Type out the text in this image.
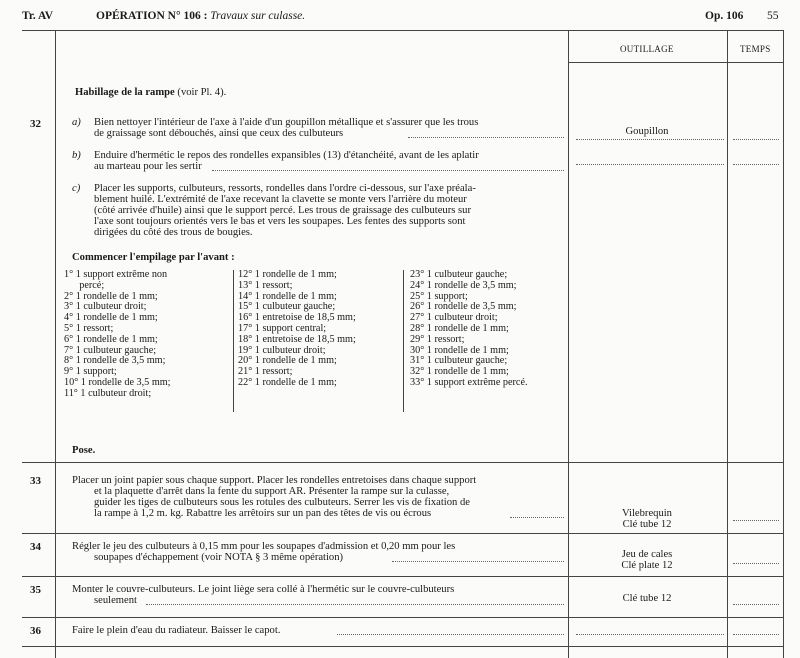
Tr. AV	OPÉRATION N° 106 : Travaux sur culasse.	Op. 106 55
OUTILLAGE	TEMPS
Habillage de la rampe (voir Pl. 4).
32	a) Bien nettoyer l'intérieur de l'axe à l'aide d'un goupillon métallique et s'assurer que les trous
de graissage sont débouchés, ainsi que ceux des culbuteurs	Goupillon
b) Enduire d'hermétic le repos des rondelles expansibles (13) d'étanchéité, avant de les aplatir
au marteau pour les sertir
c) Placer les supports, culbuteurs, ressorts, rondelles dans l'ordre ci-dessous, sur l'axe préala-
blement huilé. L'extrémité de l'axe recevant la clavette se monte vers l'arrière du moteur
(côté arrivée d'huile) ainsi que le support percé. Les trous de graissage des culbuteurs sur
l'axe sont toujours orientés vers le bas et vers les soupapes. Les fentes des supports sont
dirigées du côté des trous de bougies.
Commencer l'empilage par l'avant :
1° 1 support extrême non
percé;
2° 1 rondelle de 1 mm;
3° 1 culbuteur droit;
4° 1 rondelle de 1 mm;
5° 1 ressort;
6° 1 rondelle de 1 mm;
7° 1 culbuteur gauche;
8° 1 rondelle de 3,5 mm;
9° 1 support;
10° 1 rondelle de 3,5 mm;
11° 1 culbuteur droit;
12° 1 rondelle de 1 mm;
13° 1 ressort;
14° 1 rondelle de 1 mm;
15° 1 culbuteur gauche;
16° 1 entretoise de 18,5 mm;
17° 1 support central;
18° 1 entretoise de 18,5 mm;
19° 1 culbuteur droit;
20° 1 rondelle de 1 mm;
21° 1 ressort;
22° 1 rondelle de 1 mm;
23° 1 culbuteur gauche;
24° 1 rondelle de 3,5 mm;
25° 1 support;
26° 1 rondelle de 3,5 mm;
27° 1 culbuteur droit;
28° 1 rondelle de 1 mm;
29° 1 ressort;
30° 1 rondelle de 1 mm;
31° 1 culbuteur gauche;
32° 1 rondelle de 1 mm;
33° 1 support extrême percé.
Pose.
33	Placer un joint papier sous chaque support. Placer les rondelles entretoises dans chaque support
et la plaquette d'arrêt dans la fente du support AR. Présenter la rampe sur la culasse,
guider les tiges de culbuteurs sous les rotules des culbuteurs. Serrer les vis de fixation de
la rampe à 1,2 m. kg. Rabattre les arrêtoirs sur un pan des têtes de vis ou écrous	Vilebrequin
Clé tube 12
34	Régler le jeu des culbuteurs à 0,15 mm pour les soupapes d'admission et 0,20 mm pour les
soupapes d'échappement (voir NOTA § 3 même opération)	Jeu de cales
Clé plate 12
35	Monter le couvre-culbuteurs. Le joint liège sera collé à l'hermétic sur le couvre-culbuteurs
seulement	Clé tube 12
36	Faire le plein d'eau du radiateur. Baisser le capot.
